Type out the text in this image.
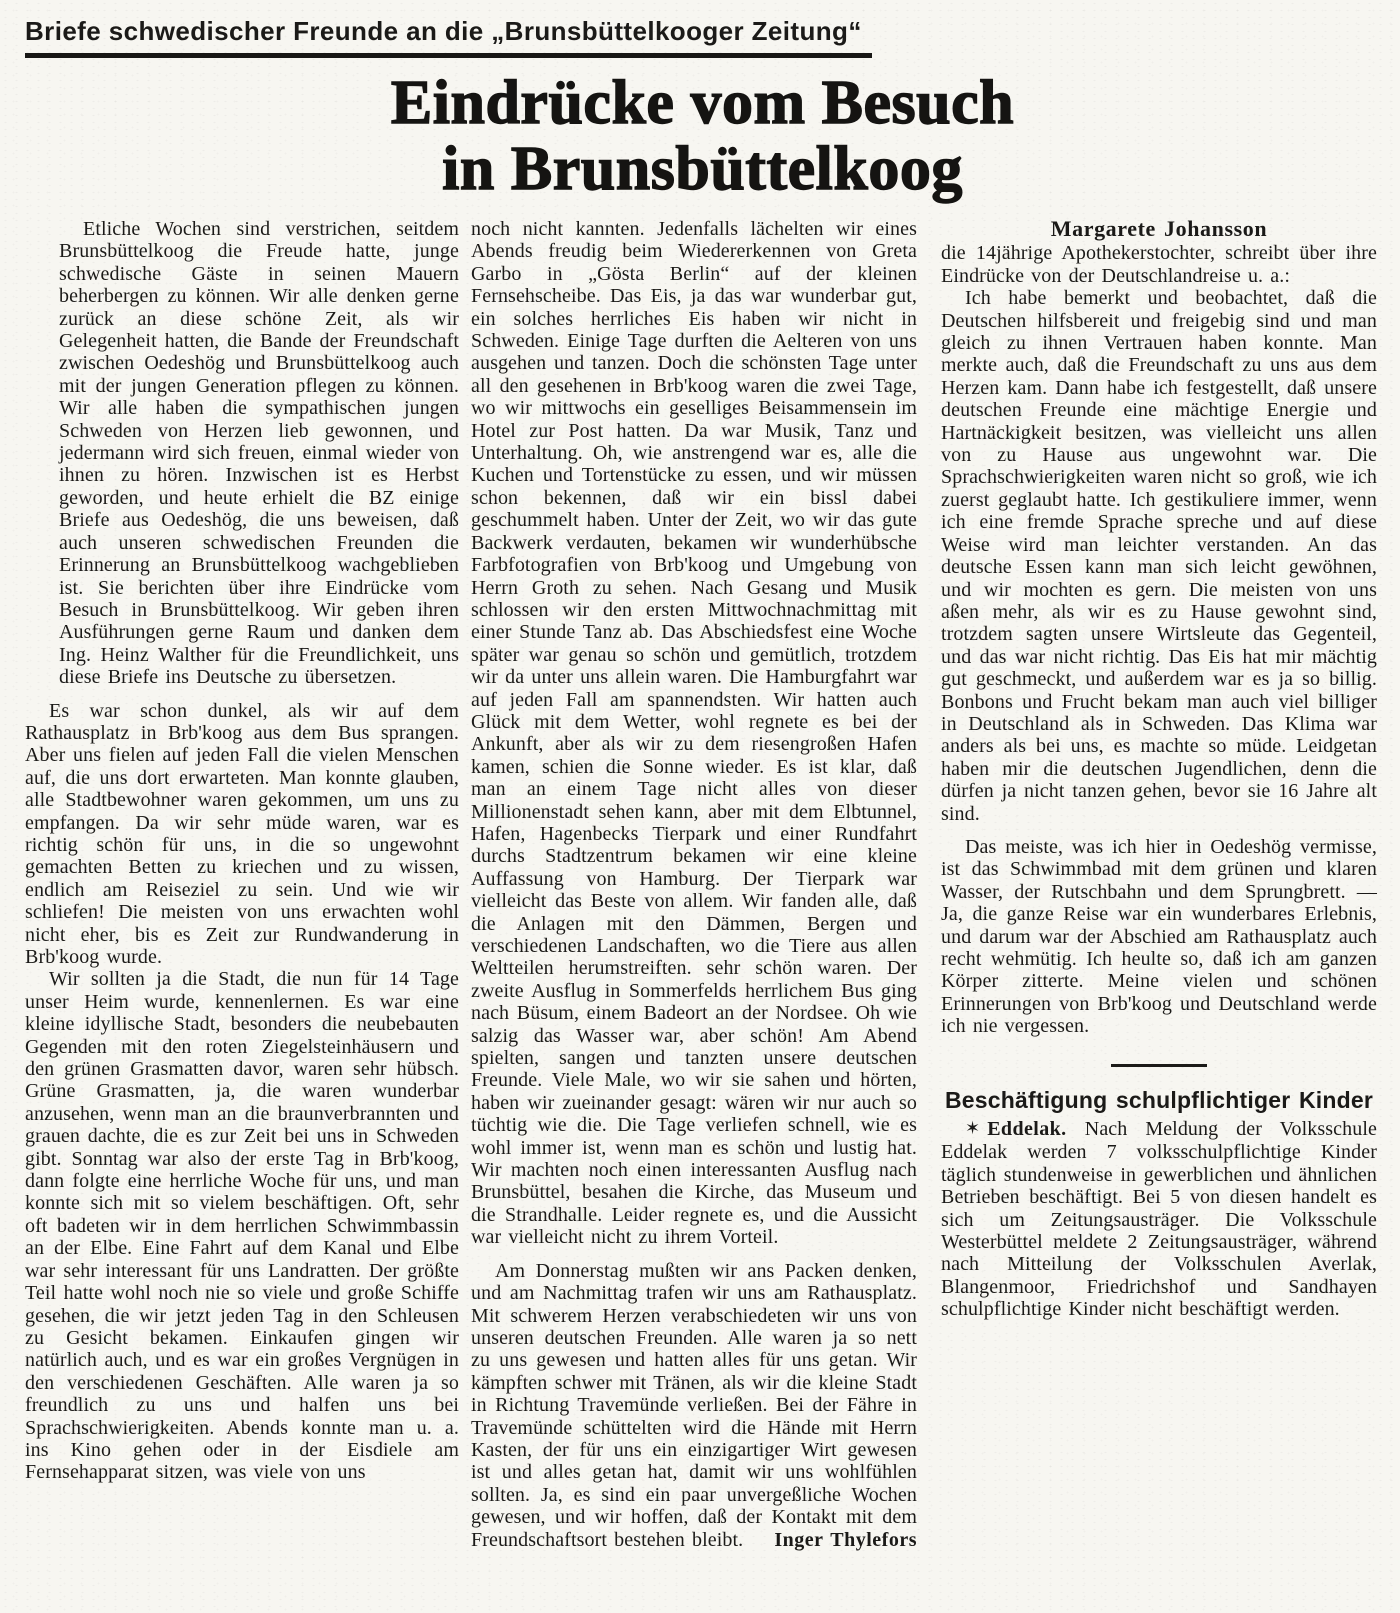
Briefe schwedischer Freunde an die „Brunsbüttelkooger Zeitung“
Eindrücke vom Besuch
in Brunsbüttelkoog

Etliche Wochen sind verstrichen, seitdem Brunsbüttelkoog die Freude hatte, junge schwedische Gäste in seinen Mauern beherbergen zu können. Wir alle denken gerne zurück an diese schöne Zeit, als wir Gelegenheit hatten, die Bande der Freundschaft zwischen Oedeshög und Brunsbüttelkoog auch mit der jungen Generation pflegen zu können. Wir alle haben die sympathischen jungen Schweden von Herzen lieb gewonnen, und jedermann wird sich freuen, einmal wieder von ihnen zu hören. Inzwischen ist es Herbst geworden, und heute erhielt die BZ einige Briefe aus Oedeshög, die uns beweisen, daß auch unseren schwedischen Freunden die Erinnerung an Brunsbüttelkoog wachgeblieben ist. Sie berichten über ihre Eindrücke vom Besuch in Brunsbüttelkoog. Wir geben ihren Ausführungen gerne Raum und danken dem Ing. Heinz Walther für die Freundlichkeit, uns diese Briefe ins Deutsche zu übersetzen.

Es war schon dunkel, als wir auf dem Rathausplatz in Brb'koog aus dem Bus sprangen. Aber uns fielen auf jeden Fall die vielen Menschen auf, die uns dort erwarteten. Man konnte glauben, alle Stadtbewohner waren gekommen, um uns zu empfangen. Da wir sehr müde waren, war es richtig schön für uns, in die so ungewohnt gemachten Betten zu kriechen und zu wissen, endlich am Reiseziel zu sein. Und wie wir schliefen! Die meisten von uns erwachten wohl nicht eher, bis es Zeit zur Rundwanderung in Brb'koog wurde.

Wir sollten ja die Stadt, die nun für 14 Tage unser Heim wurde, kennenlernen. Es war eine kleine idyllische Stadt, besonders die neubebauten Gegenden mit den roten Ziegelsteinhäusern und den grünen Grasmatten davor, waren sehr hübsch. Grüne Grasmatten, ja, die waren wunderbar anzusehen, wenn man an die braunverbrannten und grauen dachte, die es zur Zeit bei uns in Schweden gibt. Sonntag war also der erste Tag in Brb'koog, dann folgte eine herrliche Woche für uns, und man konnte sich mit so vielem beschäftigen. Oft, sehr oft badeten wir in dem herrlichen Schwimmbassin an der Elbe. Eine Fahrt auf dem Kanal und Elbe war sehr interessant für uns Landratten. Der größte Teil hatte wohl noch nie so viele und große Schiffe gesehen, die wir jetzt jeden Tag in den Schleusen zu Gesicht bekamen. Einkaufen gingen wir natürlich auch, und es war ein großes Vergnügen in den verschiedenen Geschäften. Alle waren ja so freundlich zu uns und halfen uns bei Sprachschwierigkeiten. Abends konnte man u. a. ins Kino gehen oder in der Eisdiele am Fernsehapparat sitzen, was viele von uns

noch nicht kannten. Jedenfalls lächelten wir eines Abends freudig beim Wiedererkennen von Greta Garbo in „Gösta Berlin“ auf der kleinen Fernsehscheibe. Das Eis, ja das war wunderbar gut, ein solches herrliches Eis haben wir nicht in Schweden. Einige Tage durften die Aelteren von uns ausgehen und tanzen. Doch die schönsten Tage unter all den gesehenen in Brb'koog waren die zwei Tage, wo wir mittwochs ein geselliges Beisammensein im Hotel zur Post hatten. Da war Musik, Tanz und Unterhaltung. Oh, wie anstrengend war es, alle die Kuchen und Tortenstücke zu essen, und wir müssen schon bekennen, daß wir ein bissl dabei geschummelt haben. Unter der Zeit, wo wir das gute Backwerk verdauten, bekamen wir wunderhübsche Farbfotografien von Brb'koog und Umgebung von Herrn Groth zu sehen. Nach Gesang und Musik schlossen wir den ersten Mittwochnachmittag mit einer Stunde Tanz ab. Das Abschiedsfest eine Woche später war genau so schön und gemütlich, trotzdem wir da unter uns allein waren. Die Hamburgfahrt war auf jeden Fall am spannendsten. Wir hatten auch Glück mit dem Wetter, wohl regnete es bei der Ankunft, aber als wir zu dem riesengroßen Hafen kamen, schien die Sonne wieder. Es ist klar, daß man an einem Tage nicht alles von dieser Millionenstadt sehen kann, aber mit dem Elbtunnel, Hafen, Hagenbecks Tierpark und einer Rundfahrt durchs Stadtzentrum bekamen wir eine kleine Auffassung von Hamburg. Der Tierpark war vielleicht das Beste von allem. Wir fanden alle, daß die Anlagen mit den Dämmen, Bergen und verschiedenen Landschaften, wo die Tiere aus allen Weltteilen herumstreiften. sehr schön waren. Der zweite Ausflug in Sommerfelds herrlichem Bus ging nach Büsum, einem Badeort an der Nordsee. Oh wie salzig das Wasser war, aber schön! Am Abend spielten, sangen und tanzten unsere deutschen Freunde. Viele Male, wo wir sie sahen und hörten, haben wir zueinander gesagt: wären wir nur auch so tüchtig wie die. Die Tage verliefen schnell, wie es wohl immer ist, wenn man es schön und lustig hat. Wir machten noch einen interessanten Ausflug nach Brunsbüttel, besahen die Kirche, das Museum und die Strandhalle. Leider regnete es, und die Aussicht war vielleicht nicht zu ihrem Vorteil.

Am Donnerstag mußten wir ans Packen denken, und am Nachmittag trafen wir uns am Rathausplatz. Mit schwerem Herzen verabschiedeten wir uns von unseren deutschen Freunden. Alle waren ja so nett zu uns gewesen und hatten alles für uns getan. Wir kämpften schwer mit Tränen, als wir die kleine Stadt in Richtung Travemünde verließen. Bei der Fähre in Travemünde schüttelten wird die Hände mit Herrn Kasten, der für uns ein einzigartiger Wirt gewesen ist und alles getan hat, damit wir uns wohlfühlen sollten. Ja, es sind ein paar unvergeßliche Wochen gewesen, und wir hoffen, daß der Kontakt mit dem Freundschaftsort bestehen bleibt.	Inger Thylefors

Margarete Johansson

die 14jährige Apothekerstochter, schreibt über ihre Eindrücke von der Deutschlandreise u. a.:

Ich habe bemerkt und beobachtet, daß die Deutschen hilfsbereit und freigebig sind und man gleich zu ihnen Vertrauen haben konnte. Man merkte auch, daß die Freundschaft zu uns aus dem Herzen kam. Dann habe ich festgestellt, daß unsere deutschen Freunde eine mächtige Energie und Hartnäckigkeit besitzen, was vielleicht uns allen von zu Hause aus ungewohnt war. Die Sprachschwierigkeiten waren nicht so groß, wie ich zuerst geglaubt hatte. Ich gestikuliere immer, wenn ich eine fremde Sprache spreche und auf diese Weise wird man leichter verstanden. An das deutsche Essen kann man sich leicht gewöhnen, und wir mochten es gern. Die meisten von uns aßen mehr, als wir es zu Hause gewohnt sind, trotzdem sagten unsere Wirtsleute das Gegenteil, und das war nicht richtig. Das Eis hat mir mächtig gut geschmeckt, und außerdem war es ja so billig. Bonbons und Frucht bekam man auch viel billiger in Deutschland als in Schweden. Das Klima war anders als bei uns, es machte so müde. Leidgetan haben mir die deutschen Jugendlichen, denn die dürfen ja nicht tanzen gehen, bevor sie 16 Jahre alt sind.

Das meiste, was ich hier in Oedeshög vermisse, ist das Schwimmbad mit dem grünen und klaren Wasser, der Rutschbahn und dem Sprungbrett. — Ja, die ganze Reise war ein wunderbares Erlebnis, und darum war der Abschied am Rathausplatz auch recht wehmütig. Ich heulte so, daß ich am ganzen Körper zitterte. Meine vielen und schönen Erinnerungen von Brb'koog und Deutschland werde ich nie vergessen.

Beschäftigung schulpflichtiger Kinder

✶ Eddelak. Nach Meldung der Volksschule Eddelak werden 7 volksschulpflichtige Kinder täglich stundenweise in gewerblichen und ähnlichen Betrieben beschäftigt. Bei 5 von diesen handelt es sich um Zeitungsausträger. Die Volksschule Westerbüttel meldete 2 Zeitungsausträger, während nach Mitteilung der Volksschulen Averlak, Blangenmoor, Friedrichshof und Sandhayen schulpflichtige Kinder nicht beschäftigt werden.
